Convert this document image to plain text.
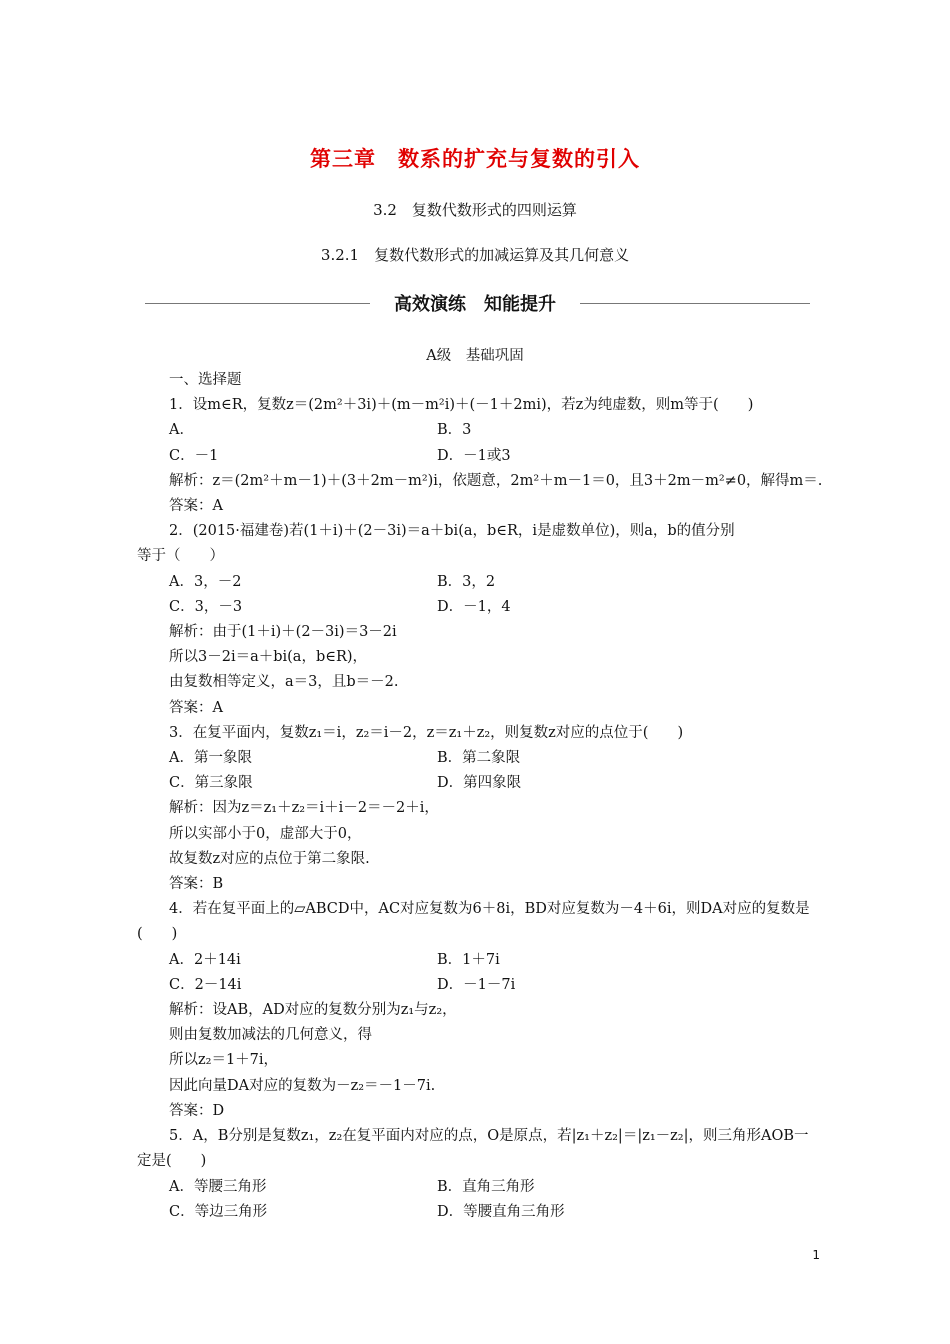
第三章　数系的扩充与复数的引入
3.2　复数代数形式的四则运算
3.2.1　复数代数形式的加减运算及其几何意义
高效演练　知能提升
A级　基础巩固

一、选择题

1．设m∈R，复数z＝(2m²＋3i)＋(m－m²i)＋(－1＋2mi)，若z为纯虚数，则m等于(　　)

A．	B．3
C．－1	D．－1或3

解析：z＝(2m²＋m－1)＋(3＋2m－m²)i，依题意，2m²＋m－1＝0，且3＋2m－m²≠0，解得m＝.

答案：A

2．(2015·福建卷)若(1＋i)＋(2－3i)＝a＋bi(a，b∈R，i是虚数单位)，则a，b的值分别等于（　　）

A．3，－2	B．3，2
C．3，－3	D．－1，4

解析：由于(1＋i)＋(2－3i)＝3－2i

所以3－2i＝a＋bi(a，b∈R)，

由复数相等定义，a＝3，且b＝－2.

答案：A

3．在复平面内，复数z₁＝i，z₂＝i－2，z＝z₁＋z₂，则复数z对应的点位于(　　)

A．第一象限	B．第二象限
C．第三象限	D．第四象限

解析：因为z＝z₁＋z₂＝i＋i－2＝－2＋i，

所以实部小于0，虚部大于0，

故复数z对应的点位于第二象限.

答案：B

4．若在复平面上的▱ABCD中，AC对应复数为6＋8i，BD对应复数为－4＋6i，则DA对应的复数是(　　)

A．2＋14i	B．1＋7i
C．2－14i	D．－1－7i

解析：设AB，AD对应的复数分别为z₁与z₂，

则由复数加减法的几何意义，得

所以z₂＝1＋7i，

因此向量DA对应的复数为－z₂＝－1－7i.

答案：D

5．A，B分别是复数z₁，z₂在复平面内对应的点，O是原点，若|z₁＋z₂|＝|z₁－z₂|，则三角形AOB一定是(　　)

A．等腰三角形	B．直角三角形
C．等边三角形	D．等腰直角三角形
1
